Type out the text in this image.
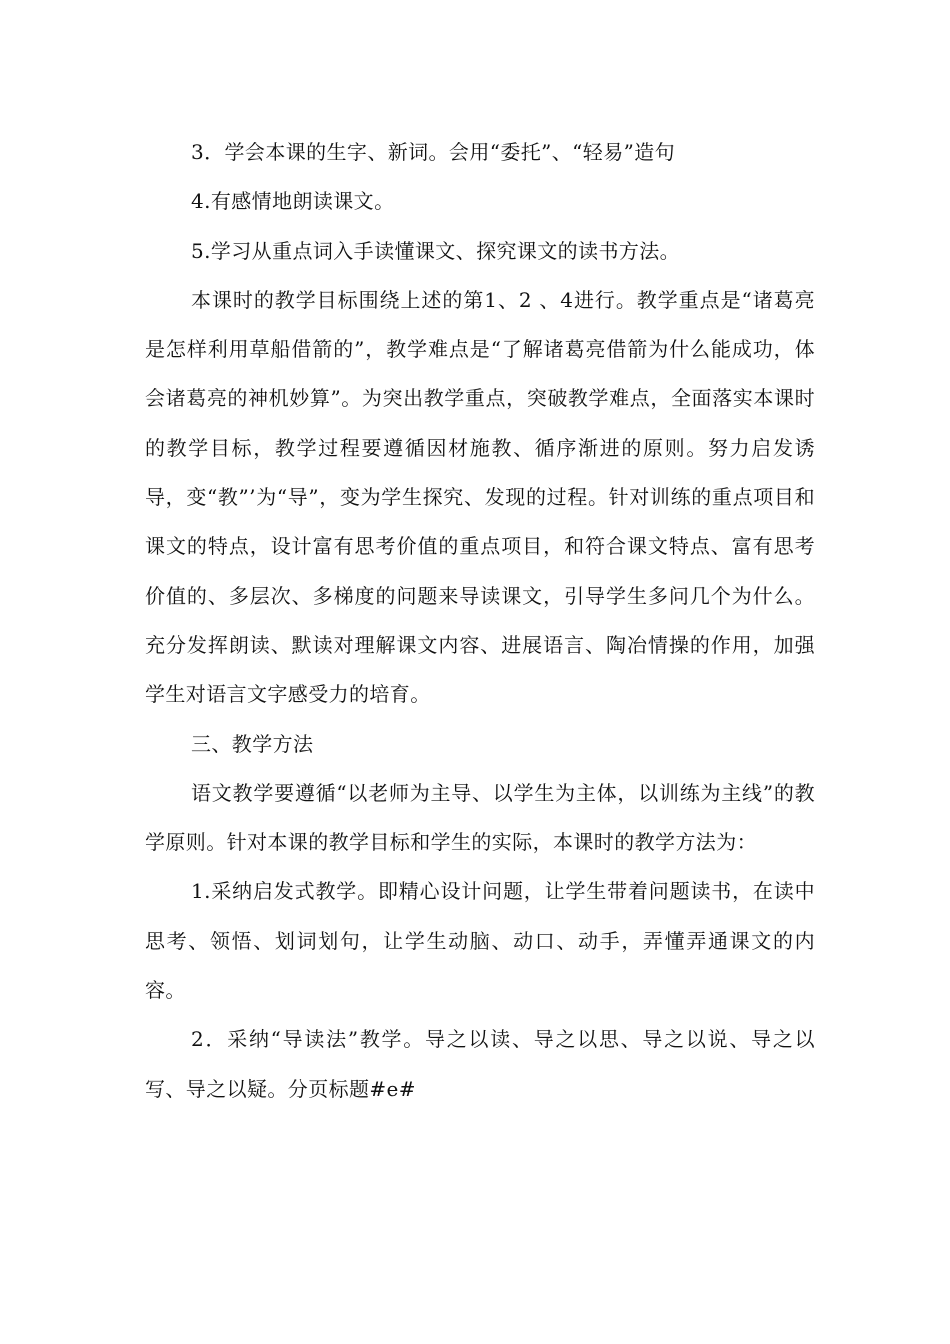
3．学会本课的生字、新词。会用“委托”、“轻易”造句

4.有感情地朗读课文。

5.学习从重点词入手读懂课文、探究课文的读书方法。

本课时的教学目标围绕上述的第1、2 、4进行。教学重点是“诸葛亮是怎样利用草船借箭的”，教学难点是“了解诸葛亮借箭为什么能成功，体会诸葛亮的神机妙算”。为突出教学重点，突破教学难点，全面落实本课时的教学目标，教学过程要遵循因材施教、循序渐进的原则。努力启发诱导，变“教”’为“导”，变为学生探究、发现的过程。针对训练的重点项目和课文的特点，设计富有思考价值的重点项目，和符合课文特点、富有思考价值的、多层次、多梯度的问题来导读课文，引导学生多问几个为什么。充分发挥朗读、默读对理解课文内容、进展语言、陶冶情操的作用，加强学生对语言文字感受力的培育。

三、教学方法

语文教学要遵循“以老师为主导、以学生为主体，以训练为主线”的教学原则。针对本课的教学目标和学生的实际，本课时的教学方法为：

1.采纳启发式教学。即精心设计问题，让学生带着问题读书，在读中思考、领悟、划词划句，让学生动脑、动口、动手，弄懂弄通课文的内容。

2．采纳“导读法”教学。导之以读、导之以思、导之以说、导之以写、导之以疑。分页标题#e#
